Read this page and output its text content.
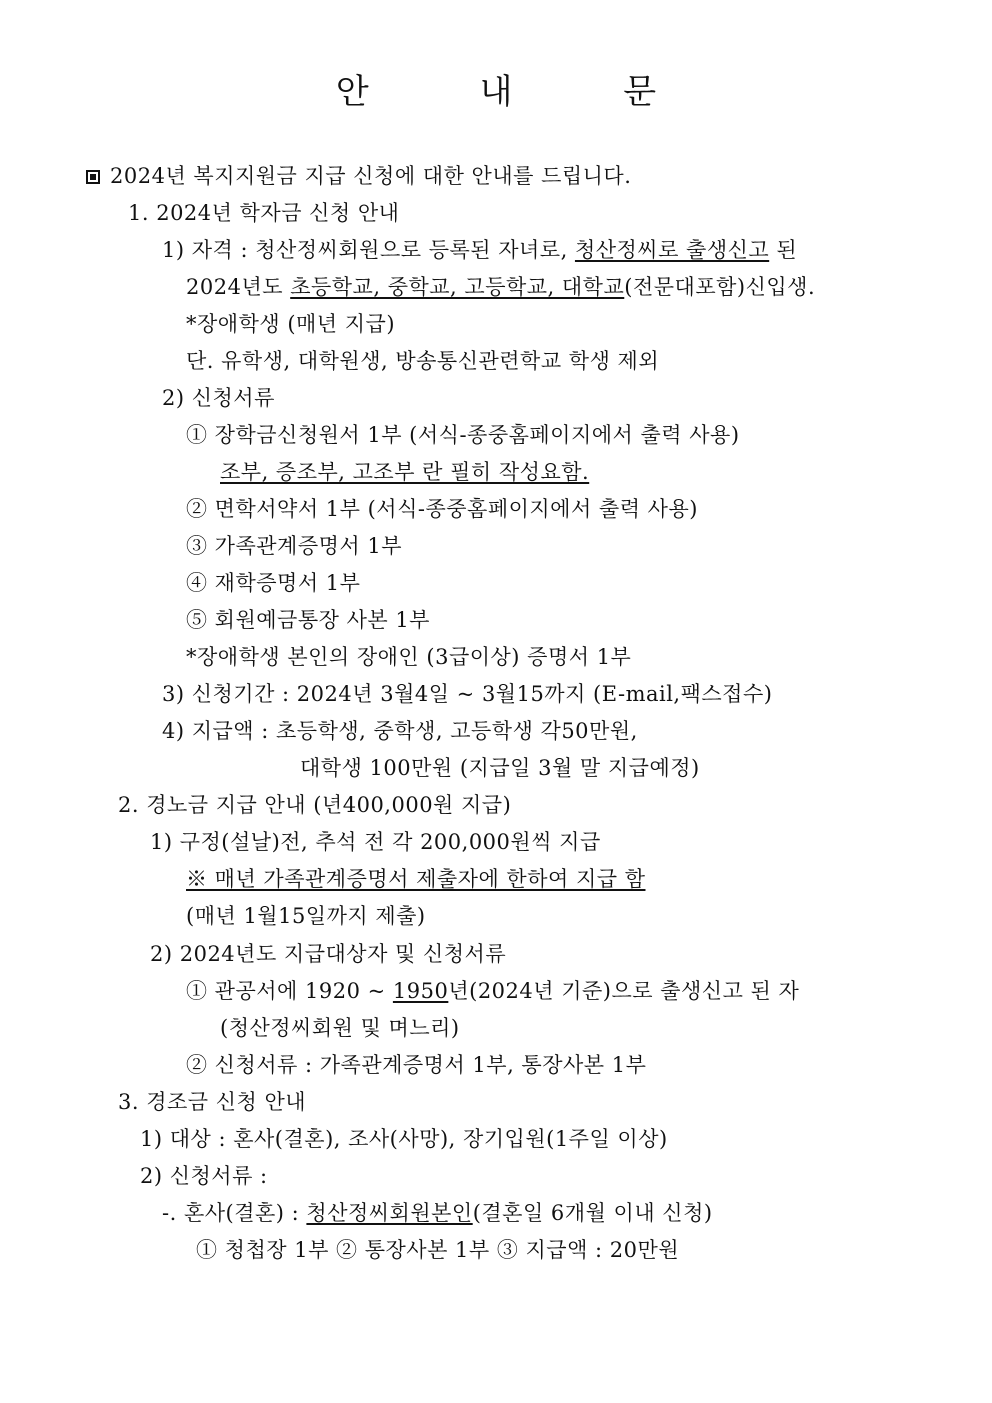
안 내 문
2024년 복지지원금 지급 신청에 대한 안내를 드립니다.
1. 2024년 학자금 신청 안내
1) 자격 : 청산정씨회원으로 등록된 자녀로, 청산정씨로 출생신고 된
2024년도 초등학교, 중학교, 고등학교, 대학교(전문대포함)신입생.
*장애학생 (매년 지급)
단. 유학생, 대학원생, 방송통신관련학교 학생 제외
2) 신청서류
① 장학금신청원서 1부 (서식-종중홈페이지에서 출력 사용)
조부, 증조부, 고조부 란 필히 작성요함.
② 면학서약서 1부 (서식-종중홈페이지에서 출력 사용)
③ 가족관계증명서 1부
④ 재학증명서 1부
⑤ 회원예금통장 사본 1부
*장애학생 본인의 장애인 (3급이상) 증명서 1부
3) 신청기간 : 2024년 3월4일 ~ 3월15까지 (E-mail,팩스접수)
4) 지급액 : 초등학생, 중학생, 고등학생 각50만원,
대학생 100만원 (지급일 3월 말 지급예정)
2. 경노금 지급 안내 (년400,000원 지급)
1) 구정(설날)전, 추석 전 각 200,000원씩 지급
※ 매년 가족관계증명서 제출자에 한하여 지급 함
(매년 1월15일까지 제출)
2) 2024년도 지급대상자 및 신청서류
① 관공서에 1920 ~ 1950년(2024년 기준)으로 출생신고 된 자
(청산정씨회원 및 며느리)
② 신청서류 : 가족관계증명서 1부, 통장사본 1부
3. 경조금 신청 안내
1) 대상 : 혼사(결혼), 조사(사망), 장기입원(1주일 이상)
2) 신청서류 :
-. 혼사(결혼) : 청산정씨회원본인(결혼일 6개월 이내 신청)
① 청첩장 1부 ② 통장사본 1부 ③ 지급액 : 20만원
